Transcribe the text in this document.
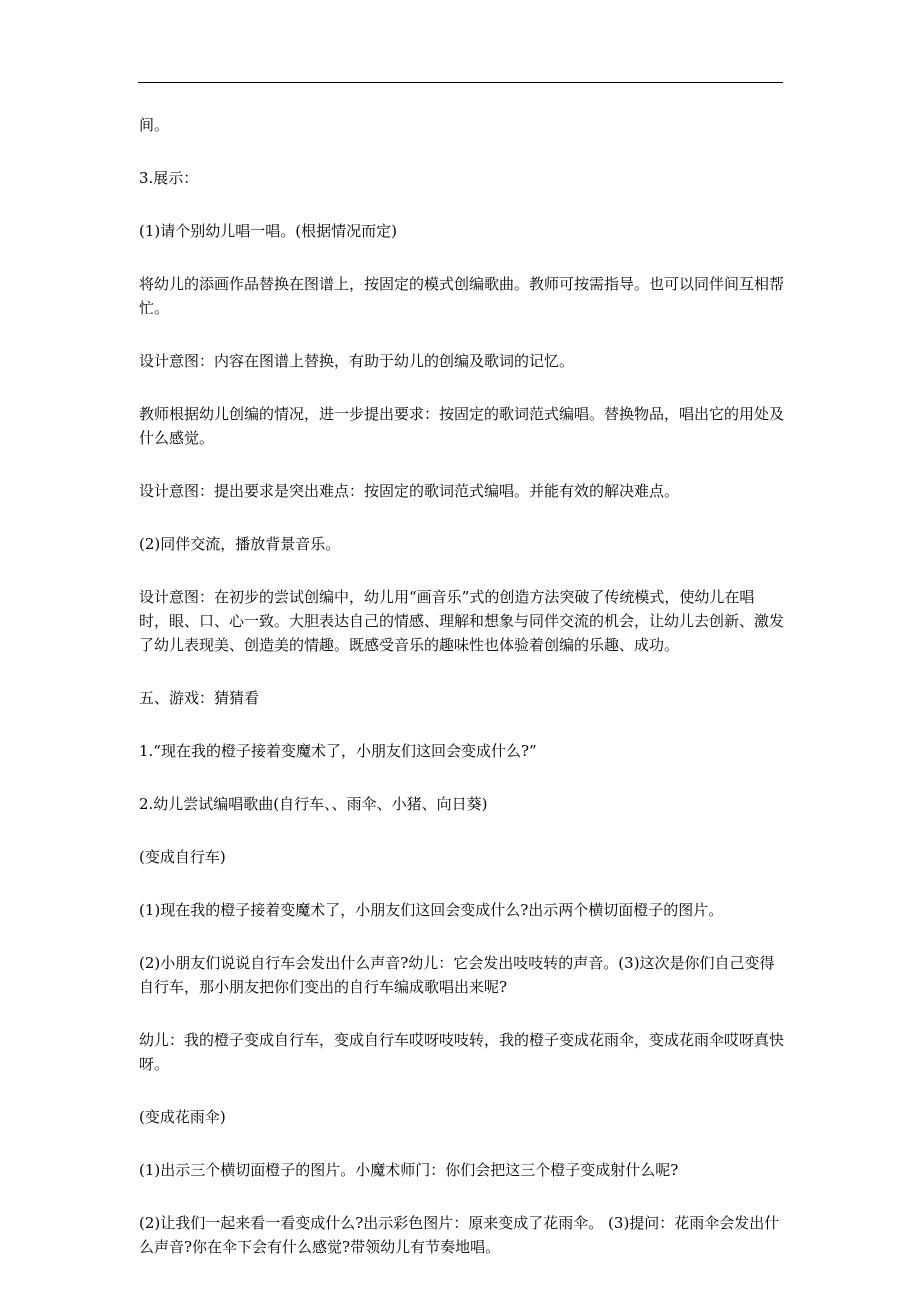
间。

3.展示：

(1)请个别幼儿唱一唱。(根据情况而定)

将幼儿的添画作品替换在图谱上，按固定的模式创编歌曲。教师可按需指导。也可以同伴间互相帮忙。

设计意图：内容在图谱上替换，有助于幼儿的创编及歌词的记忆。

教师根据幼儿创编的情况，进一步提出要求：按固定的歌词范式编唱。替换物品，唱出它的用处及什么感觉。

设计意图：提出要求是突出难点：按固定的歌词范式编唱。并能有效的解决难点。

(2)同伴交流，播放背景音乐。

设计意图：在初步的尝试创编中，幼儿用“画音乐”式的创造方法突破了传统模式，使幼儿在唱时，眼、口、心一致。大胆表达自己的情感、理解和想象与同伴交流的机会，让幼儿去创新、激发了幼儿表现美、创造美的情趣。既感受音乐的趣味性也体验着创编的乐趣、成功。

五、游戏：猜猜看

1.“现在我的橙子接着变魔术了，小朋友们这回会变成什么?”

2.幼儿尝试编唱歌曲(自行车、、雨伞、小猪、向日葵)

(变成自行车)

(1)现在我的橙子接着变魔术了，小朋友们这回会变成什么?出示两个横切面橙子的图片。

(2)小朋友们说说自行车会发出什么声音?幼儿：它会发出吱吱转的声音。(3)这次是你们自己变得自行车，那小朋友把你们变出的自行车编成歌唱出来呢?

幼儿：我的橙子变成自行车，变成自行车哎呀吱吱转，我的橙子变成花雨伞，变成花雨伞哎呀真快呀。

(变成花雨伞)

(1)出示三个横切面橙子的图片。小魔术师门：你们会把这三个橙子变成射什么呢?

(2)让我们一起来看一看变成什么?出示彩色图片：原来变成了花雨伞。 (3)提问：花雨伞会发出什么声音?你在伞下会有什么感觉?带领幼儿有节奏地唱。
